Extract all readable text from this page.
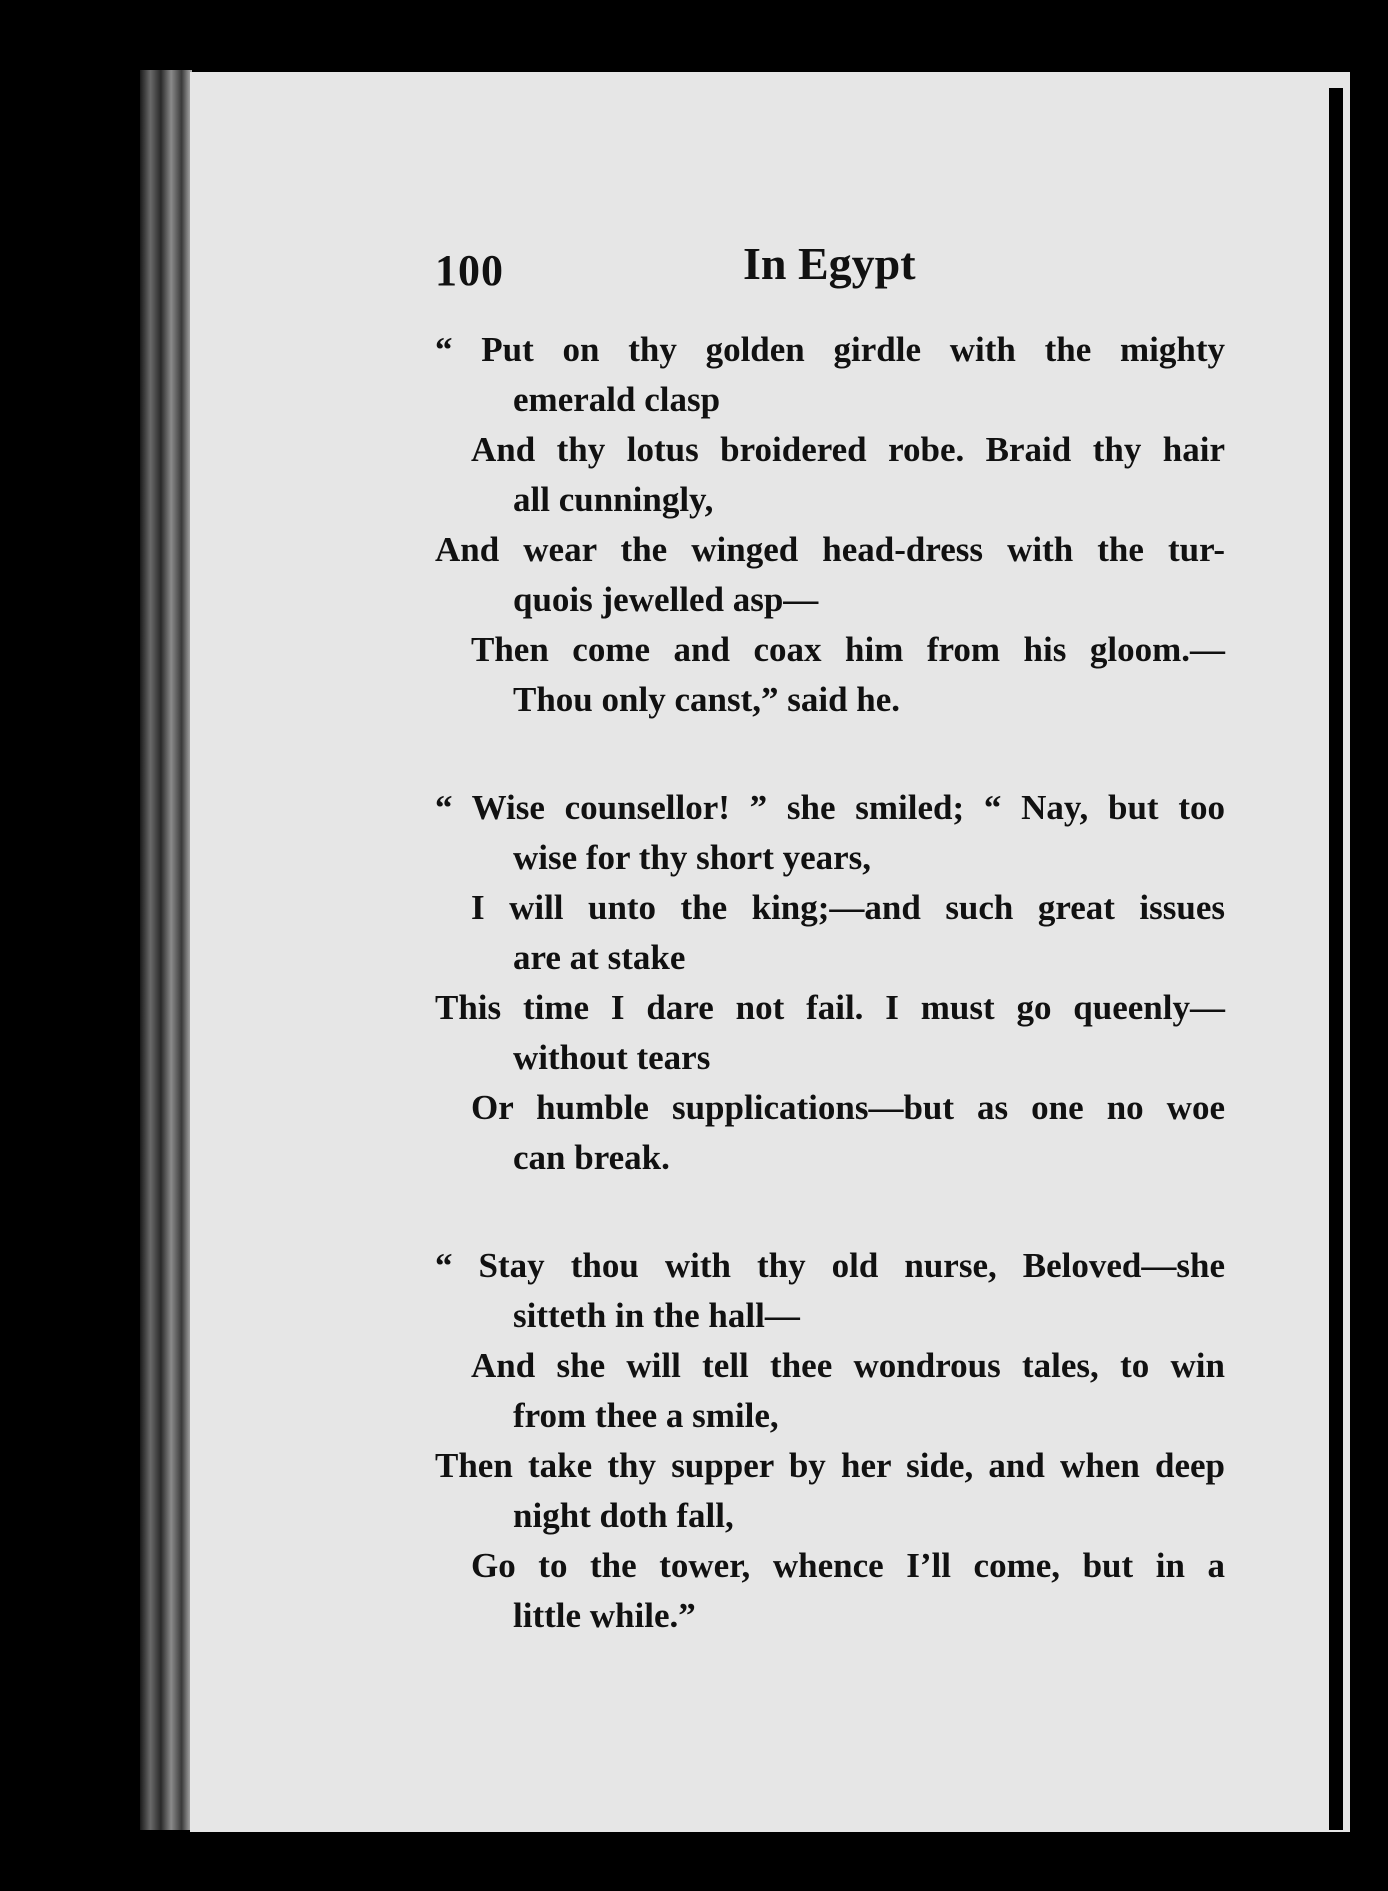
100	In Egypt
“ Put on thy golden girdle with the mighty
emerald clasp
And thy lotus broidered robe. Braid thy hair
all cunningly,
And wear the winged head-dress with the tur-
quois jewelled asp—
Then come and coax him from his gloom.—
Thou only canst,” said he.
“ Wise counsellor! ” she smiled; “ Nay, but too
wise for thy short years,
I will unto the king;—and such great issues
are at stake
This time I dare not fail. I must go queenly—
without tears
Or humble supplications—but as one no woe
can break.
“ Stay thou with thy old nurse, Beloved—she
sitteth in the hall—
And she will tell thee wondrous tales, to win
from thee a smile,
Then take thy supper by her side, and when deep
night doth fall,
Go to the tower, whence I’ll come, but in a
little while.”
